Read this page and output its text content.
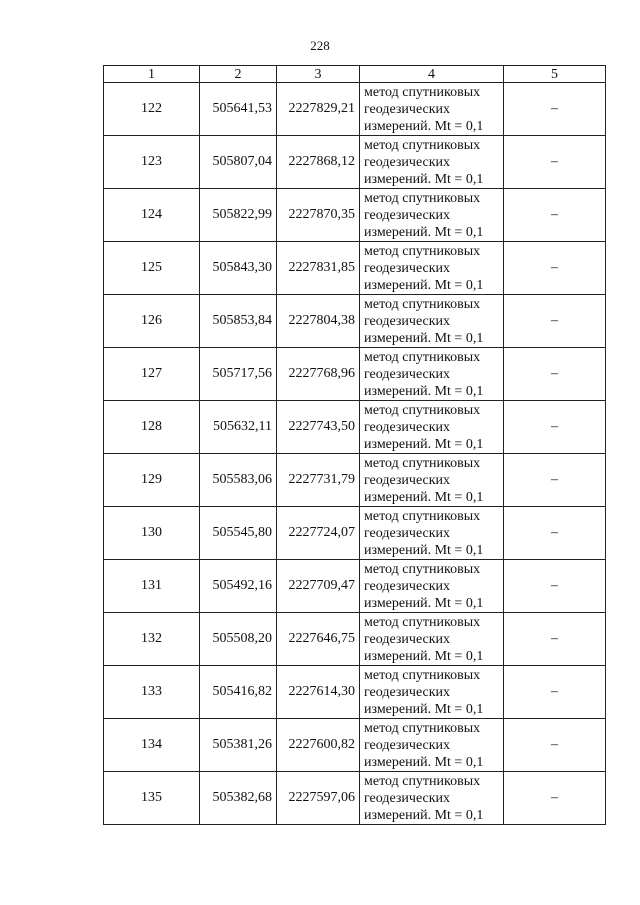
228
1	2	3	4	5
122	505641,53	2227829,21	метод спутниковых
геодезических
измерений. Mt = 0,1	–
123	505807,04	2227868,12	метод спутниковых
геодезических
измерений. Mt = 0,1	–
124	505822,99	2227870,35	метод спутниковых
геодезических
измерений. Mt = 0,1	–
125	505843,30	2227831,85	метод спутниковых
геодезических
измерений. Mt = 0,1	–
126	505853,84	2227804,38	метод спутниковых
геодезических
измерений. Mt = 0,1	–
127	505717,56	2227768,96	метод спутниковых
геодезических
измерений. Mt = 0,1	–
128	505632,11	2227743,50	метод спутниковых
геодезических
измерений. Mt = 0,1	–
129	505583,06	2227731,79	метод спутниковых
геодезических
измерений. Mt = 0,1	–
130	505545,80	2227724,07	метод спутниковых
геодезических
измерений. Mt = 0,1	–
131	505492,16	2227709,47	метод спутниковых
геодезических
измерений. Mt = 0,1	–
132	505508,20	2227646,75	метод спутниковых
геодезических
измерений. Mt = 0,1	–
133	505416,82	2227614,30	метод спутниковых
геодезических
измерений. Mt = 0,1	–
134	505381,26	2227600,82	метод спутниковых
геодезических
измерений. Mt = 0,1	–
135	505382,68	2227597,06	метод спутниковых
геодезических
измерений. Mt = 0,1	–
